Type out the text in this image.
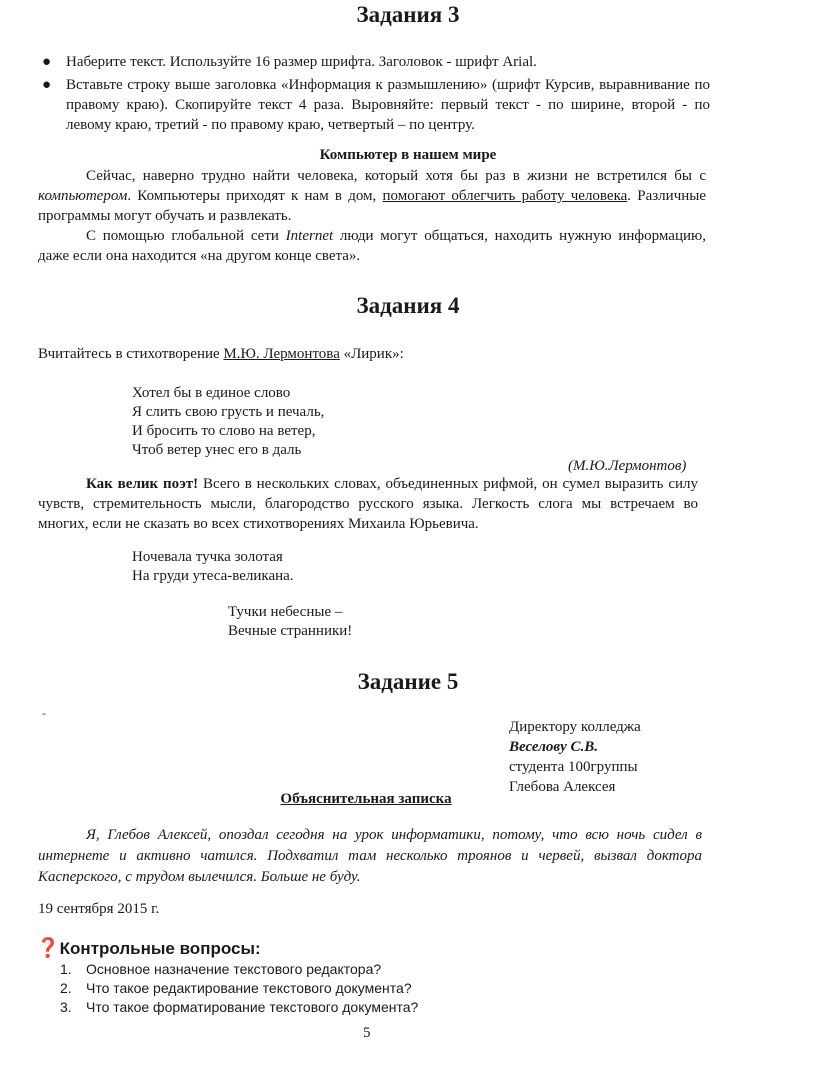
Задания 3
● Наберите текст. Используйте 16 размер шрифта. Заголовок - шрифт Arial.
● Вставьте строку выше заголовка «Информация к размышлению» (шрифт Курсив, выравнивание по правому краю). Скопируйте текст 4 раза. Выровняйте: первый текст - по ширине, второй - по левому краю, третий - по правому краю, четвертый – по центру.
Компьютер в нашем мире

Сейчас, наверно трудно найти человека, который хотя бы раз в жизни не встретился бы с компьютером. Компьютеры приходят к нам в дом, помогают облегчить работу человека. Различные программы могут обучать и развлекать.

С помощью глобальной сети Internet люди могут общаться, находить нужную информацию, даже если она находится «на другом конце света».

Задания 4

Вчитайтесь в стихотворение М.Ю. Лермонтова «Лирик»:

Хотел бы в единое слово
Я слить свою грусть и печаль,
И бросить то слово на ветер,
Чтоб ветер унес его в даль
(М.Ю.Лермонтов)

Как велик поэт! Всего в нескольких словах, объединенных рифмой, он сумел выразить силу чувств, стремительность мысли, благородство русского языка. Легкость слога мы встречаем во многих, если не сказать во всех стихотворениях Михаила Юрьевича.

Ночевала тучка золотая
На груди утеса-великана.
Тучки небесные –
Вечные странники!
Задание 5
-
Директору колледжа
Веселову С.В.
студента 100группы
Глебова Алексея
Объяснительная записка

Я, Глебов Алексей, опоздал сегодня на урок информатики, потому, что всю ночь сидел в интернете и активно чатился. Подхватил там несколько троянов и червей, вызвал доктора Касперского, с трудом вылечился. Больше не буду.

19 сентября 2015 г.
❓Контрольные вопросы:
1. Основное назначение текстового редактора?
2. Что такое редактирование текстового документа?
3. Что такое форматирование текстового документа?
5
